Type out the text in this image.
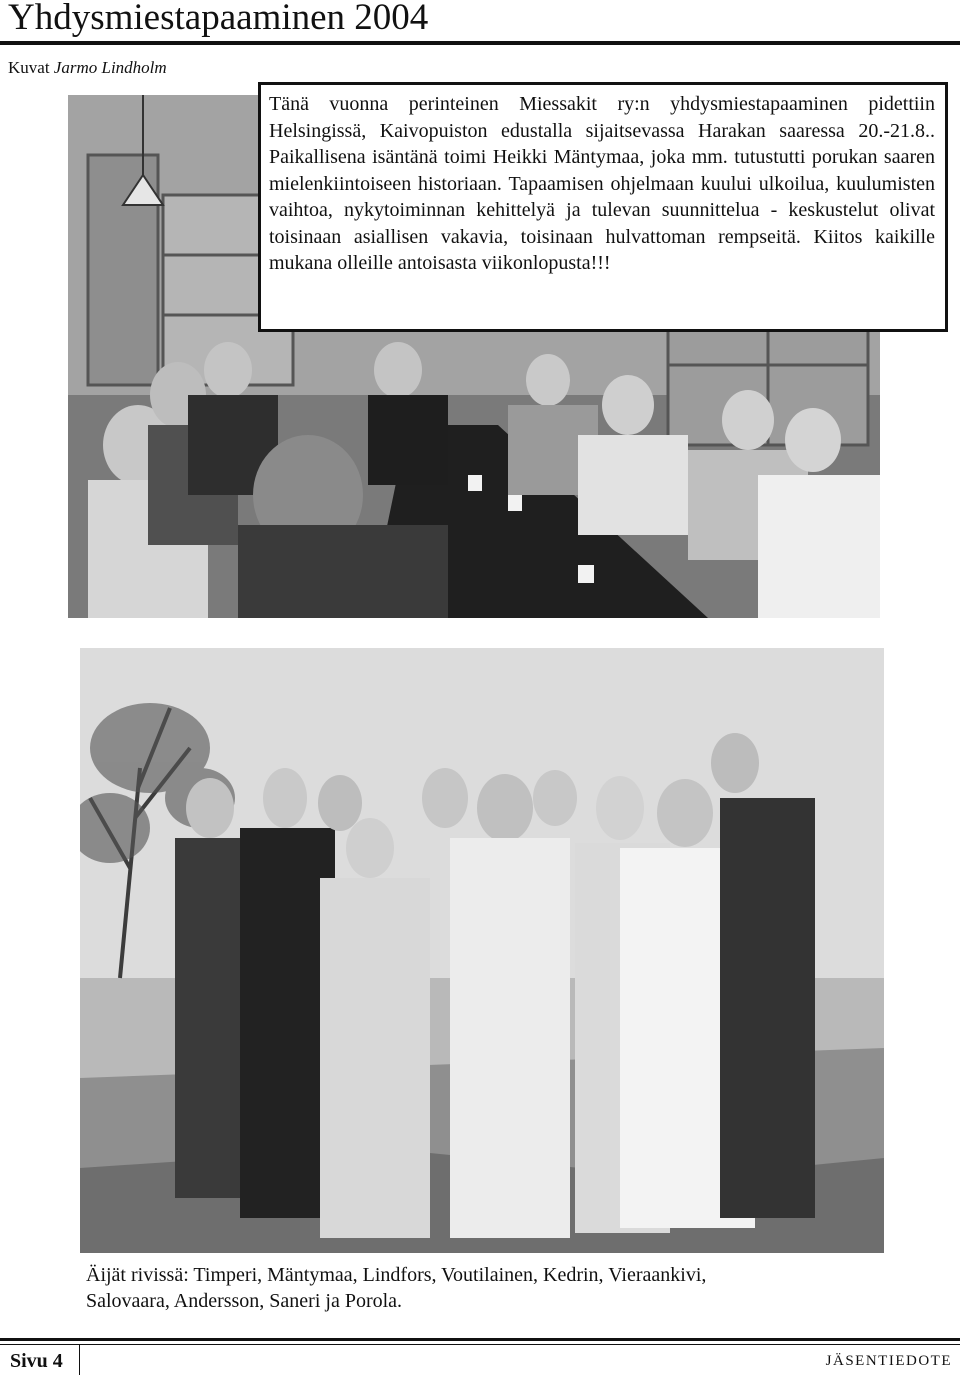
Yhdysmiestapaaminen 2004
Kuvat Jarmo Lindholm
Tänä vuonna perinteinen Miessakit ry:n yhdysmiestapaaminen pidettiin Helsingissä, Kaivopuiston edustalla sijaitsevassa Harakan saaressa 20.-21.8.. Paikallisena isäntänä toimi Heikki Mäntymaa, joka mm. tutustutti porukan saaren mielenkiintoiseen historiaan. Tapaamisen ohjelmaan kuului ulkoilua, kuulumisten vaihtoa, nykytoiminnan kehittelyä ja tulevan suunnittelua - keskustelut olivat toisinaan asiallisen vakavia, toisinaan hulvattoman rempseitä. Kiitos kaikille mukana olleille antoisasta viikonlopusta!!!
Äijät rivissä: Timperi, Mäntymaa, Lindfors, Voutilainen, Kedrin, Vieraankivi,
Salovaara, Andersson, Saneri ja Porola.
Sivu 4	JÄSENTIEDOTE
